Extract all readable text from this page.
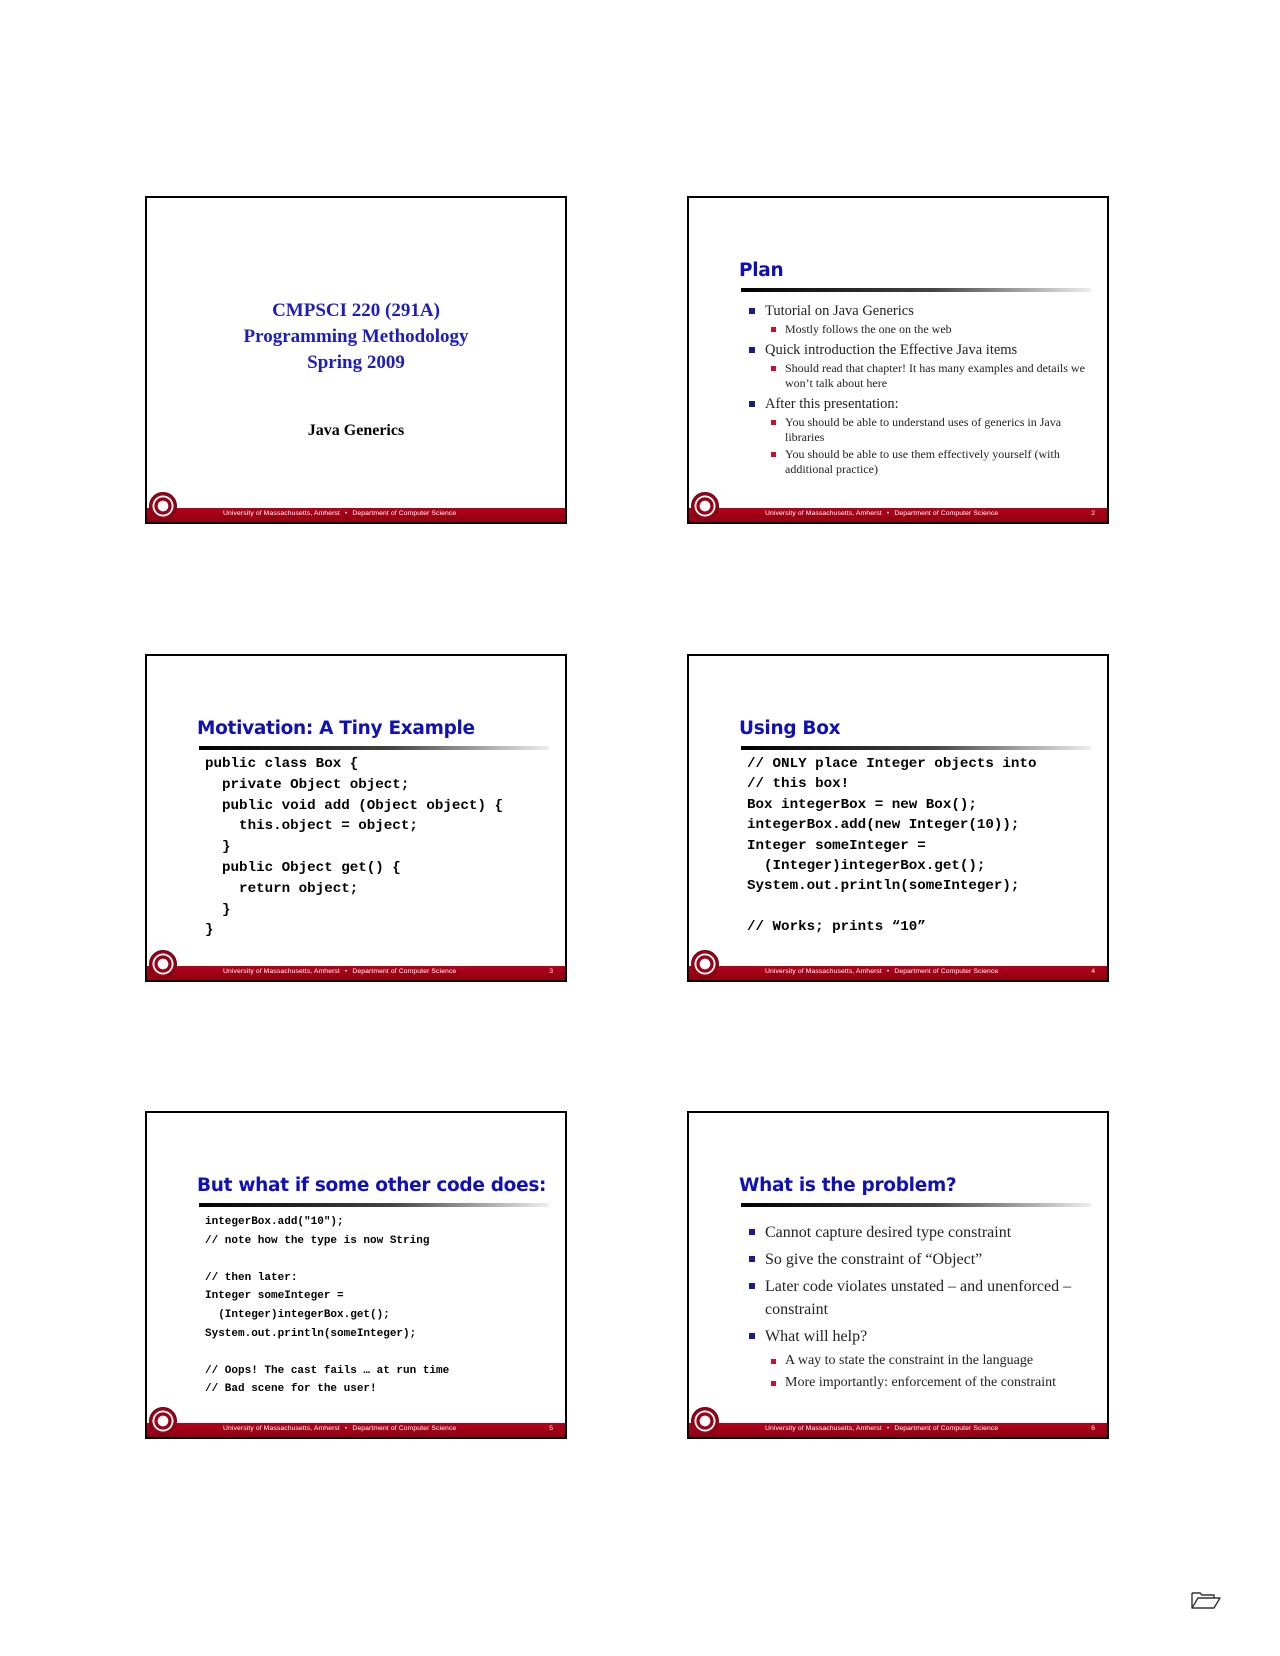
CMPSCI 220 (291A)
Programming Methodology
Spring 2009
Java Generics
University of Massachusetts, Amherst • Department of Computer Science
Plan
Tutorial on Java Generics
Mostly follows the one on the web
Quick introduction the Effective Java items
Should read that chapter! It has many examples and details we won’t talk about here
After this presentation:
You should be able to understand uses of generics in Java libraries
You should be able to use them effectively yourself (with additional practice)
University of Massachusetts, Amherst • Department of Computer Science	2
Motivation: A Tiny Example
public class Box {
private Object object;
public void add (Object object) {
this.object = object;
}
public Object get() {
return object;
}
}
University of Massachusetts, Amherst • Department of Computer Science	3
Using Box
// ONLY place Integer objects into
// this box!
Box integerBox = new Box();
integerBox.add(new Integer(10));
Integer someInteger =
(Integer)integerBox.get();
System.out.println(someInteger);

// Works; prints “10”
University of Massachusetts, Amherst • Department of Computer Science	4
But what if some other code does:
integerBox.add("10");
// note how the type is now String

// then later:
Integer someInteger =
(Integer)integerBox.get();
System.out.println(someInteger);

// Oops! The cast fails … at run time
// Bad scene for the user!
University of Massachusetts, Amherst • Department of Computer Science	5
What is the problem?
Cannot capture desired type constraint
So give the constraint of “Object”
Later code violates unstated – and unenforced – constraint
What will help?
A way to state the constraint in the language
More importantly: enforcement of the constraint
University of Massachusetts, Amherst • Department of Computer Science	6
